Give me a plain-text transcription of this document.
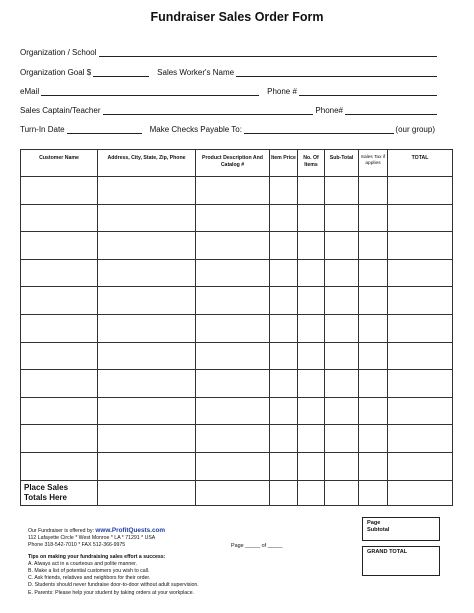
Fundraiser Sales Order Form
Organization / School
Organization Goal $	Sales Worker's Name
eMail	Phone #
Sales Captain/Teacher	Phone#
Turn-In Date	Make Checks Payable To:	(our group)
Customer Name	Address, City, State, Zip, Phone	Product Description And Catalog #	Item Price	No. Of Items	Sub-Total	Sales Tax if applies	TOTAL

Place Sales
Totals Here							

Our Fundraiser is offered by: www.ProfitQuests.com
112 Lafayette Circle * West Monroe * LA * 71291 * USA
Phone 318-542-7010 * FAX 512-366-9975
Tips on making your fundraising sales effort a success:
A. Always act in a courteous and polite manner.
B. Make a list of potential customers you wish to call.
C. Ask friends, relatives and neighbors for their order.
D. Students should never fundraise door-to-door without adult supervision.
E. Parents: Please help your student by taking orders at your workplace.
Page _____ of _____
Page
Subtotal
GRAND TOTAL
